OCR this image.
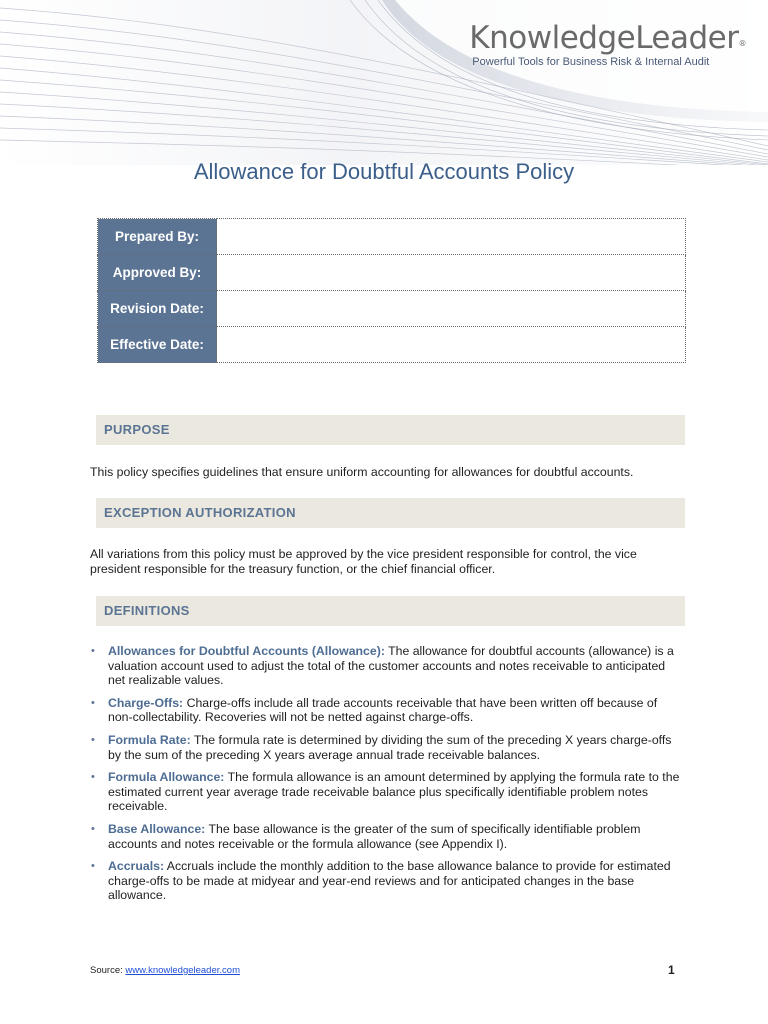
KnowledgeLeader®
Powerful Tools for Business Risk & Internal Audit
Allowance for Doubtful Accounts Policy
Prepared By:	
Approved By:	
Revision Date:	
Effective Date:	
PURPOSE
This policy specifies guidelines that ensure uniform accounting for allowances for doubtful accounts.
EXCEPTION AUTHORIZATION
All variations from this policy must be approved by the vice president responsible for control, the vice president responsible for the treasury function, or the chief financial officer.
DEFINITIONS
• Allowances for Doubtful Accounts (Allowance): The allowance for doubtful accounts (allowance) is a valuation account used to adjust the total of the customer accounts and notes receivable to anticipated net realizable values.
• Charge-Offs: Charge-offs include all trade accounts receivable that have been written off because of non-collectability. Recoveries will not be netted against charge-offs.
• Formula Rate: The formula rate is determined by dividing the sum of the preceding X years charge-offs by the sum of the preceding X years average annual trade receivable balances.
• Formula Allowance: The formula allowance is an amount determined by applying the formula rate to the estimated current year average trade receivable balance plus specifically identifiable problem notes receivable.
• Base Allowance: The base allowance is the greater of the sum of specifically identifiable problem accounts and notes receivable or the formula allowance (see Appendix I).
• Accruals: Accruals include the monthly addition to the base allowance balance to provide for estimated charge-offs to be made at midyear and year-end reviews and for anticipated changes in the base allowance.
Source: www.knowledgeleader.com	1
